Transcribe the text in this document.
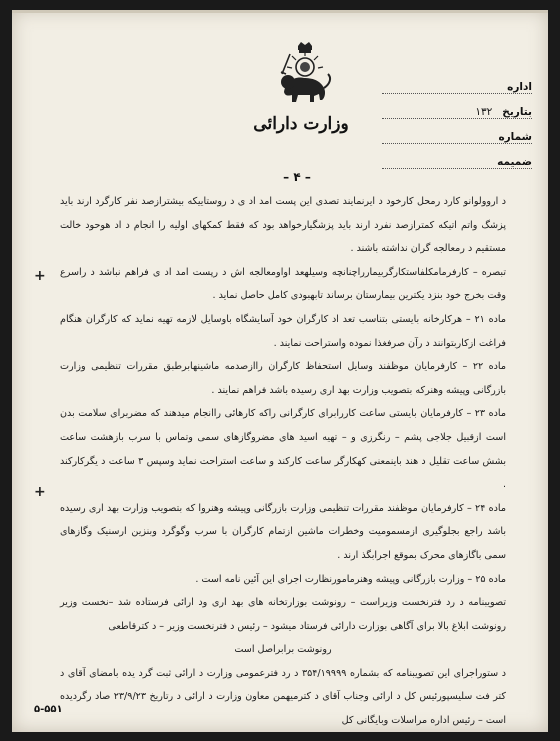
وزارت دارائی
اداره
بتاریخ
۱۳۲
شماره
ضمیمه
– ۴ –

د اروولوانو کارد رمحل کارخود د ایرنمایند تصدی این پست امد اد ی د روستاییکه بیشترازصد نفر کارگرد ارند باید پزشگ واتم اتیکه کمترازصد نفرد ارند باید پزشگیارخواهد بود که فقط کمکهای اولیه را انجام د اد هوحود خالت مستقیم د رمعالجه گران نداشته باشند .

تبصره – کارفرمامکلفاستکارگربیمارراچنانچه وسیلهعد اواومعالجه اش د رپست امد اد ی فراهم نباشد د راسرع وقت بخرج خود بنزد یکترین بیمارستان برساند تابهبودی کامل حاصل نماید .

ماده ۲۱ – هرکارخانه بایستی بتناسب تعد اد کارگران خود آسایشگاه باوسایل لازمه تهیه نماید که کارگران هنگام فراغت ازکاربتوانند د رآن صرفغذا نموده واستراحت نمایند .

ماده ۲۲ – کارفرمایان موظفند وسایل استحفاظ کارگران راازصدمه ماشینهابرطبق مقررات تنظیمی وزارت بازرگانی وپیشه وهنرکه بتصویب وزارت بهد اری رسیده باشد فراهم نمایند .

ماده ۲۳ – کارفرمایان بایستی ساعت کاررابرای کارگرانی راکه کارهائی راانجام میدهند که مضربرای سلامت بدن است ازقبیل جلاجی پشم – رنگرزی و – تهیه اسید های مضروگازهای سمی وتماس با سرب بازهشت ساعت بشش ساعت تقلیل د هند باینمعنی کهکارگر ساعت کارکند و ساعت استراحت نماید وسپس ۳ ساعت د یگرکارکند .

ماده ۲۴ – کارفرمایان موظفند مقررات تنظیمی وزارت بازرگانی وپیشه وهنروا که بتصویب وزارت بهد اری رسیده باشد راجع بجلوگیری ازمسمومیت وخطرات ماشین ازتمام کارگران با سرب وگوگرد وبنزین ارسنیک وگازهای سمی باگازهای محرک بموقع اجرابگذ ارند .

ماده ۲۵ – وزارت بازرگانی وپیشه وهنرمامورنظارت اجرای این آئین نامه است .

تصویبنامه د رد فترنخست وزیراست – رونوشت بوزارتخانه های بهد اری ود ارائی فرستاده شد –نخست وزیر رونوشت ابلاغ بالا برای آگاهی بوزارت دارائی فرستاد میشود – رئیس د فترنخست وزیر – د کترقاطعی

رونوشت برابراصل است

د ستوراجرای این تصویبنامه که بشماره ۳۵۴/۱۹۹۹۹ د رد فترعمومی وزارت د ارائی ثبت گرد یده بامضای آقای د کتر فت سلیسپورئیس کل د ارائی وجناب آقای د کترمیهمن معاون وزارت د ارائی د رتاریخ ۲۳/۹/۲۳ صاد رگردیده است – رئیس اداره مراسلات وبایگانی کل

+
+
۵-۵۵۱
